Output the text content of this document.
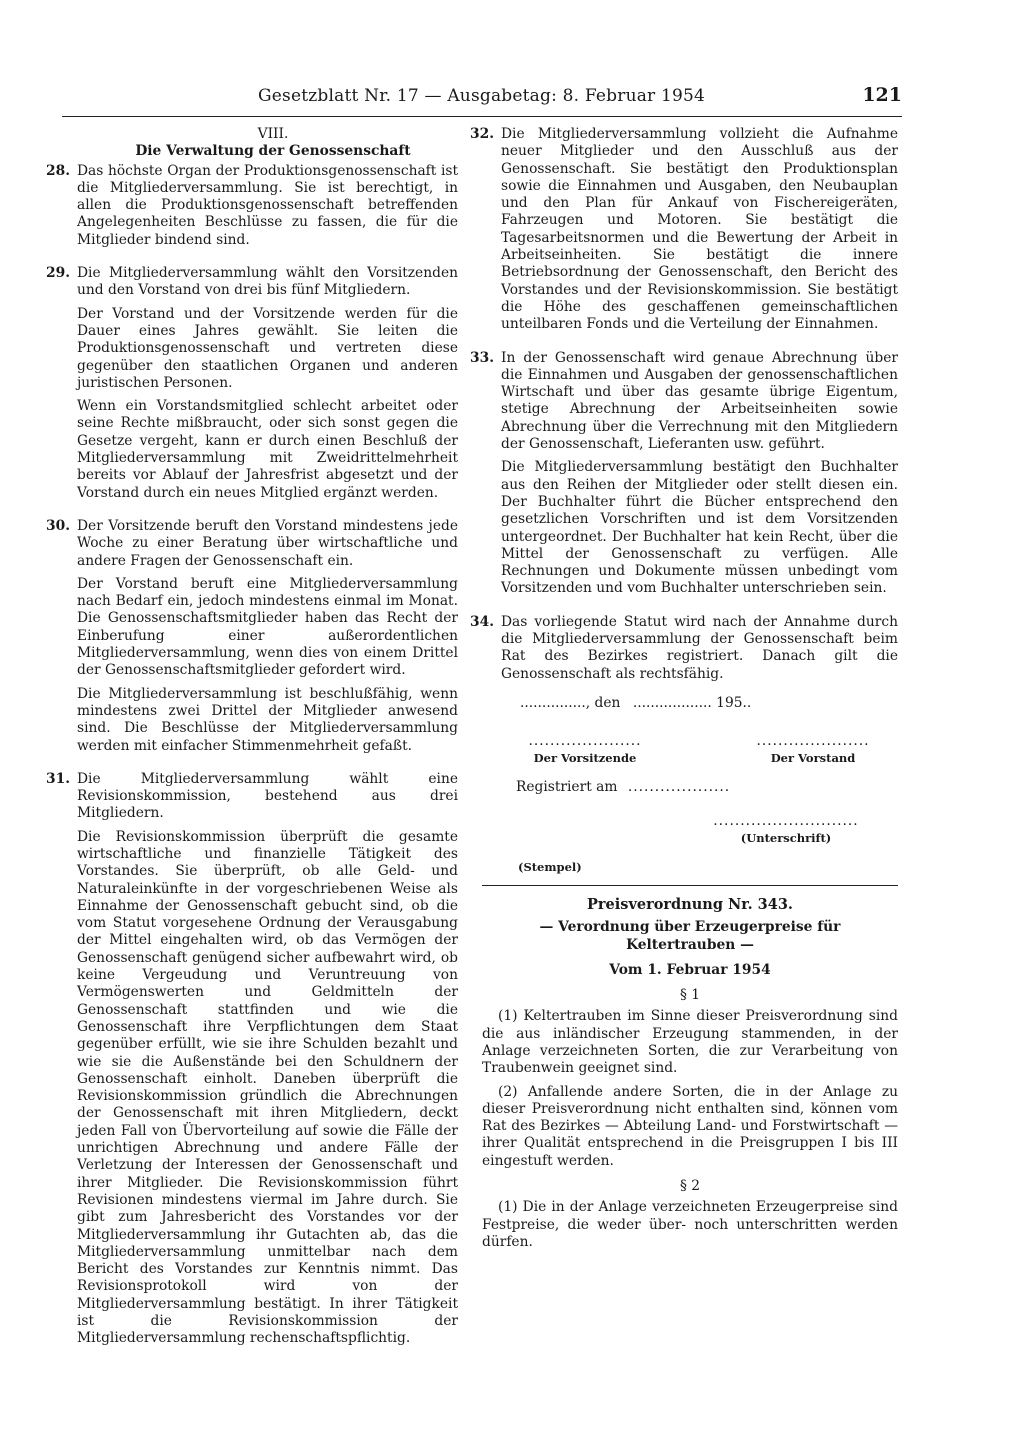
Gesetzblatt Nr. 17 — Ausgabetag: 8. Februar 1954	121
VIII.
Die Verwaltung der Genossenschaft
28. Das höchste Organ der Produktionsgenossenschaft ist die Mitgliederversammlung. Sie ist berechtigt, in allen die Produktionsgenossenschaft betreffenden Angelegenheiten Beschlüsse zu fassen, die für die Mitglieder bindend sind.
29. Die Mitgliederversammlung wählt den Vorsitzenden und den Vorstand von drei bis fünf Mitgliedern.
Der Vorstand und der Vorsitzende werden für die Dauer eines Jahres gewählt. Sie leiten die Produktionsgenossenschaft und vertreten diese gegenüber den staatlichen Organen und anderen juristischen Personen.
Wenn ein Vorstandsmitglied schlecht arbeitet oder seine Rechte mißbraucht, oder sich sonst gegen die Gesetze vergeht, kann er durch einen Beschluß der Mitgliederversammlung mit Zweidrittelmehrheit bereits vor Ablauf der Jahresfrist abgesetzt und der Vorstand durch ein neues Mitglied ergänzt werden.
30. Der Vorsitzende beruft den Vorstand mindestens jede Woche zu einer Beratung über wirtschaftliche und andere Fragen der Genossenschaft ein.
Der Vorstand beruft eine Mitgliederversammlung nach Bedarf ein, jedoch mindestens einmal im Monat. Die Genossenschaftsmitglieder haben das Recht der Einberufung einer außerordentlichen Mitgliederversammlung, wenn dies von einem Drittel der Genossenschaftsmitglieder gefordert wird.
Die Mitgliederversammlung ist beschlußfähig, wenn mindestens zwei Drittel der Mitglieder anwesend sind. Die Beschlüsse der Mitgliederversammlung werden mit einfacher Stimmenmehrheit gefaßt.
31. Die Mitgliederversammlung wählt eine Revisionskommission, bestehend aus drei Mitgliedern.
Die Revisionskommission überprüft die gesamte wirtschaftliche und finanzielle Tätigkeit des Vorstandes. Sie überprüft, ob alle Geld- und Naturaleinkünfte in der vorgeschriebenen Weise als Einnahme der Genossenschaft gebucht sind, ob die vom Statut vorgesehene Ordnung der Verausgabung der Mittel eingehalten wird, ob das Vermögen der Genossenschaft genügend sicher aufbewahrt wird, ob keine Vergeudung und Veruntreuung von Vermögenswerten und Geldmitteln der Genossenschaft stattfinden und wie die Genossenschaft ihre Verpflichtungen dem Staat gegenüber erfüllt, wie sie ihre Schulden bezahlt und wie sie die Außenstände bei den Schuldnern der Genossenschaft einholt. Daneben überprüft die Revisionskommission gründlich die Abrechnungen der Genossenschaft mit ihren Mitgliedern, deckt jeden Fall von Übervorteilung auf sowie die Fälle der unrichtigen Abrechnung und andere Fälle der Verletzung der Interessen der Genossenschaft und ihrer Mitglieder. Die Revisionskommission führt Revisionen mindestens viermal im Jahre durch. Sie gibt zum Jahresbericht des Vorstandes vor der Mitgliederversammlung ihr Gutachten ab, das die Mitgliederversammlung unmittelbar nach dem Bericht des Vorstandes zur Kenntnis nimmt. Das Revisionsprotokoll wird von der Mitgliederversammlung bestätigt. In ihrer Tätigkeit ist die Revisionskommission der Mitgliederversammlung rechenschaftspflichtig.
32. Die Mitgliederversammlung vollzieht die Aufnahme neuer Mitglieder und den Ausschluß aus der Genossenschaft. Sie bestätigt den Produktionsplan sowie die Einnahmen und Ausgaben, den Neubauplan und den Plan für Ankauf von Fischereigeräten, Fahrzeugen und Motoren. Sie bestätigt die Tagesarbeitsnormen und die Bewertung der Arbeit in Arbeitseinheiten. Sie bestätigt die innere Betriebsordnung der Genossenschaft, den Bericht des Vorstandes und der Revisionskommission. Sie bestätigt die Höhe des geschaffenen gemeinschaftlichen unteilbaren Fonds und die Verteilung der Einnahmen.
33. In der Genossenschaft wird genaue Abrechnung über die Einnahmen und Ausgaben der genossenschaftlichen Wirtschaft und über das gesamte übrige Eigentum, stetige Abrechnung der Arbeitseinheiten sowie Abrechnung über die Verrechnung mit den Mitgliedern der Genossenschaft, Lieferanten usw. geführt.
Die Mitgliederversammlung bestätigt den Buchhalter aus den Reihen der Mitglieder oder stellt diesen ein. Der Buchhalter führt die Bücher entsprechend den gesetzlichen Vorschriften und ist dem Vorsitzenden untergeordnet. Der Buchhalter hat kein Recht, über die Mittel der Genossenschaft zu verfügen. Alle Rechnungen und Dokumente müssen unbedingt vom Vorsitzenden und vom Buchhalter unterschrieben sein.
34. Das vorliegende Statut wird nach der Annahme durch die Mitgliederversammlung der Genossenschaft beim Rat des Bezirkes registriert. Danach gilt die Genossenschaft als rechtsfähig.
..............., den .................. 195..
.....................
Der Vorsitzende
.....................
Der Vorstand
Registriert am ...................
...........................
(Unterschrift)
(Stempel)
Preisverordnung Nr. 343.
— Verordnung über Erzeugerpreise für Keltertrauben —
Vom 1. Februar 1954
§ 1
(1) Keltertrauben im Sinne dieser Preisverordnung sind die aus inländischer Erzeugung stammenden, in der Anlage verzeichneten Sorten, die zur Verarbeitung von Traubenwein geeignet sind.
(2) Anfallende andere Sorten, die in der Anlage zu dieser Preisverordnung nicht enthalten sind, können vom Rat des Bezirkes — Abteilung Land- und Forstwirtschaft — ihrer Qualität entsprechend in die Preisgruppen I bis III eingestuft werden.
§ 2
(1) Die in der Anlage verzeichneten Erzeugerpreise sind Festpreise, die weder über- noch unterschritten werden dürfen.
